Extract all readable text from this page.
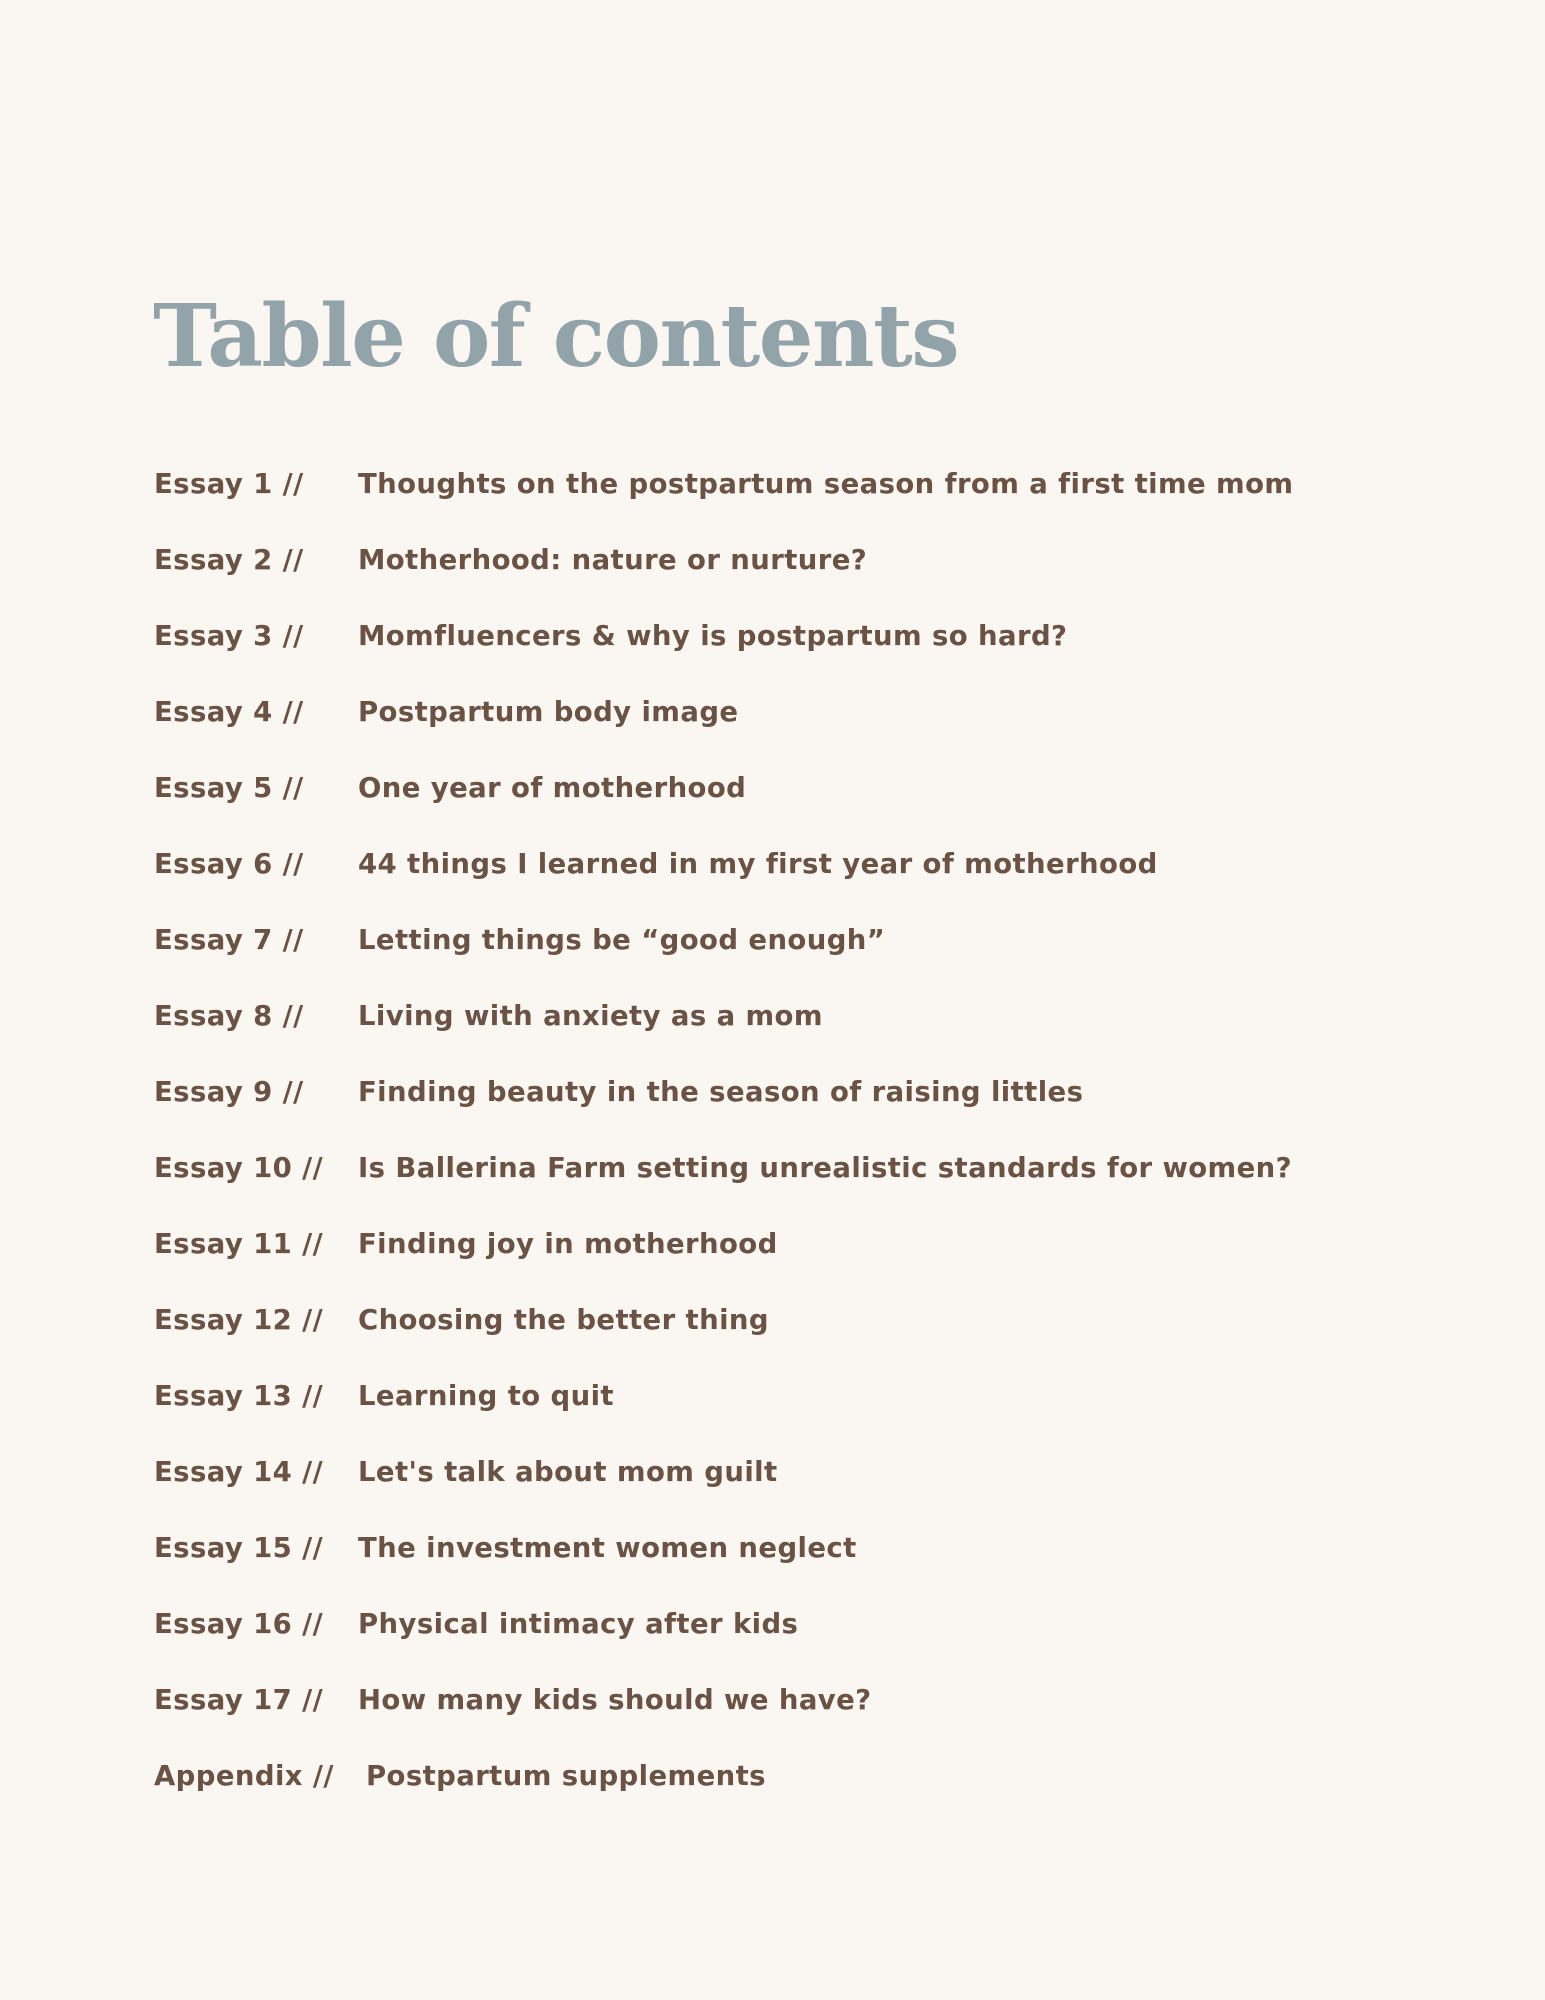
Table of contents
Essay 1 // Thoughts on the postpartum season from a first time mom
Essay 2 // Motherhood: nature or nurture?
Essay 3 // Momfluencers & why is postpartum so hard?
Essay 4 // Postpartum body image
Essay 5 // One year of motherhood
Essay 6 // 44 things I learned in my first year of motherhood
Essay 7 // Letting things be “good enough”
Essay 8 // Living with anxiety as a mom
Essay 9 // Finding beauty in the season of raising littles
Essay 10 // Is Ballerina Farm setting unrealistic standards for women?
Essay 11 // Finding joy in motherhood
Essay 12 // Choosing the better thing
Essay 13 // Learning to quit
Essay 14 // Let's talk about mom guilt
Essay 15 // The investment women neglect
Essay 16 // Physical intimacy after kids
Essay 17 // How many kids should we have?
Appendix // Postpartum supplements
